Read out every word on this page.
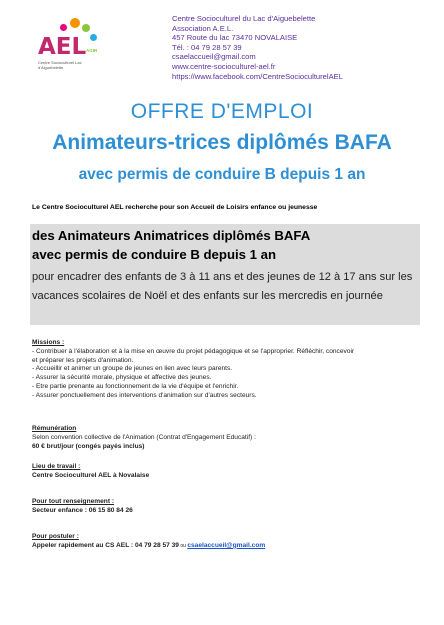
AEL AGIR
Centre Socioculturel Lac d'Aiguebelette
Centre Socioculturel du Lac d'Aiguebelette
Association A.E.L.
457 Route du lac 73470 NOVALAISE
Tél. : 04 79 28 57 39
csaelaccueil@gmail.com
www.centre-socioculturel-ael.fr
https://www.facebook.com/CentreSocioculturelAEL
OFFRE D'EMPLOI
Animateurs-trices diplômés BAFA
avec permis de conduire B depuis 1 an
Le Centre Socioculturel AEL recherche pour son Accueil de Loisirs enfance ou jeunesse
des Animateurs Animatrices diplômés BAFA
avec permis de conduire B depuis 1 an
pour encadrer des enfants de 3 à 11 ans et des jeunes de 12 à 17 ans sur les vacances scolaires de Noël et des enfants sur les mercredis en journée
Missions :
- Contribuer à l'élaboration et à la mise en œuvre du projet pédagogique et se l'approprier. Réfléchir, concevoir
et préparer les projets d'animation.
- Accueillir et animer un groupe de jeunes en lien avec leurs parents.
- Assurer la sécurité morale, physique et affective des jeunes.
- Etre partie prenante au fonctionnement de la vie d'équipe et l'enrichir.
- Assurer ponctuellement des interventions d'animation sur d'autres secteurs.
Rémunération
Selon convention collective de l'Animation (Contrat d'Engagement Educatif) :
60 € brut/jour (congés payés inclus)
Lieu de travail :
Centre Socioculturel AEL à Novalaise
Pour tout renseignement :
Secteur enfance : 06 15 80 84 26
Pour postuler :
Appeler rapidement au CS AEL : 04 79 28 57 39 ou csaelaccueil@gmail.com
